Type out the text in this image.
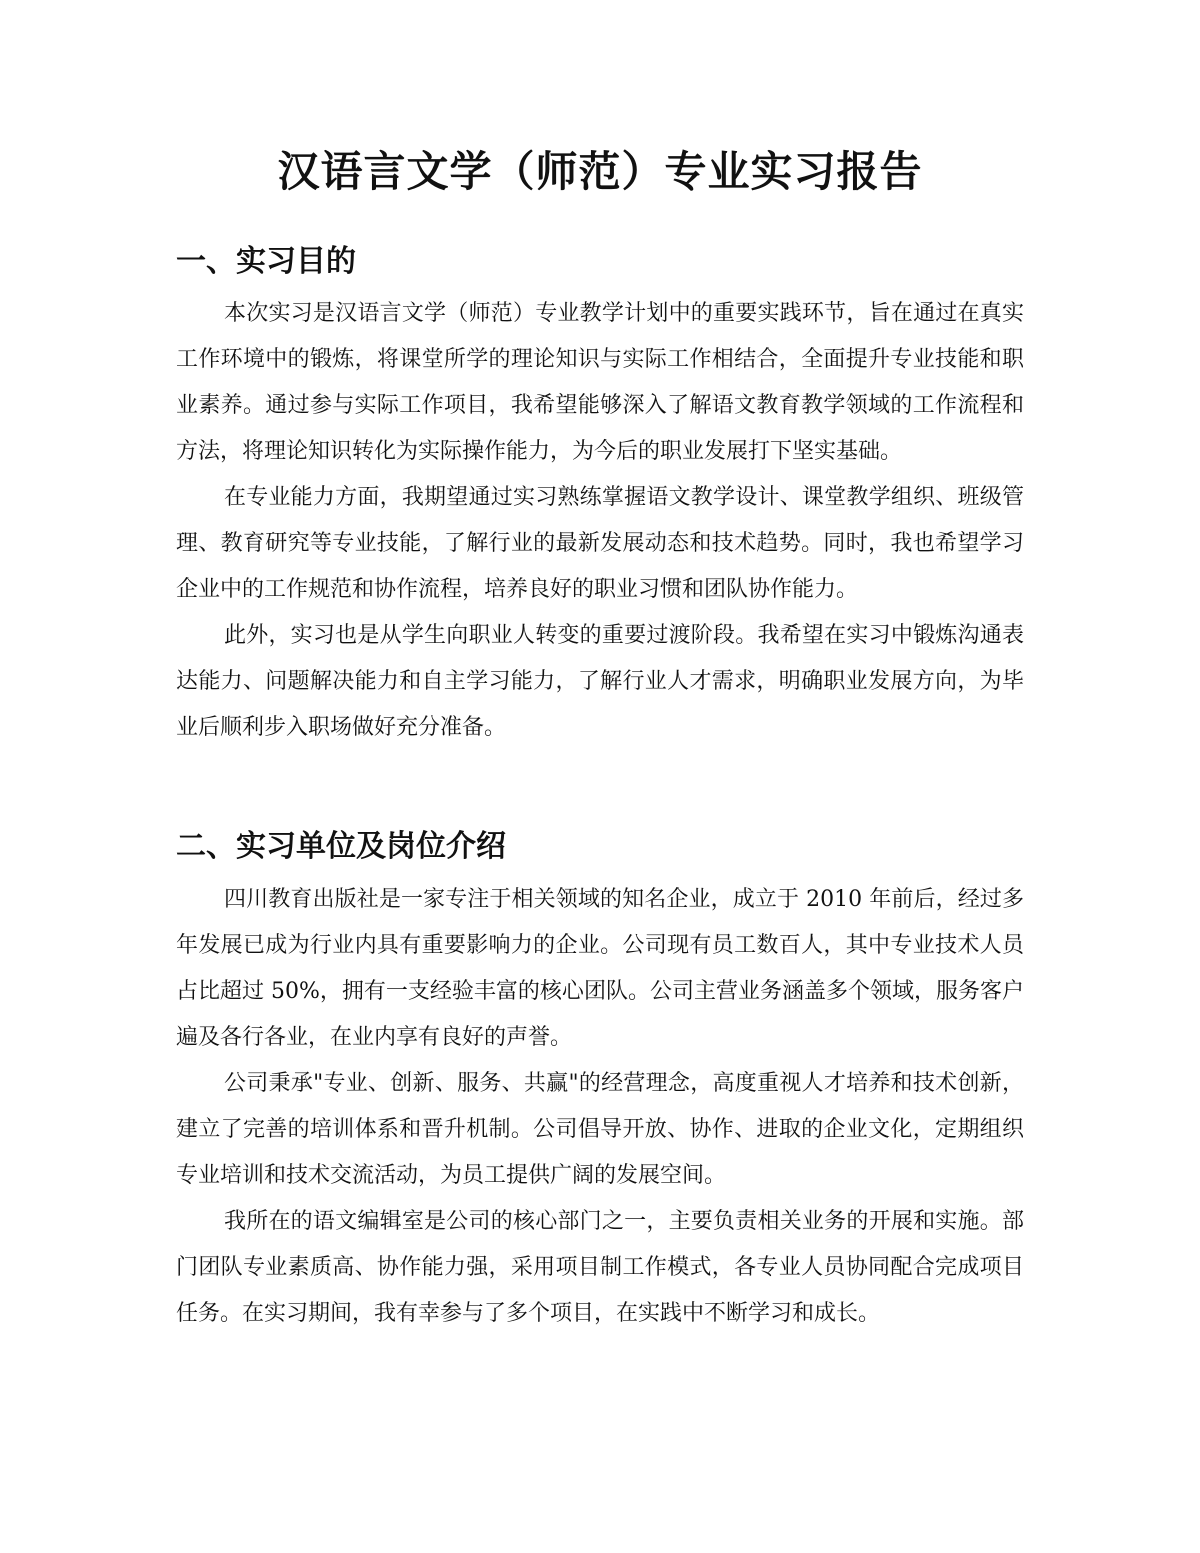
汉语言文学（师范）专业实习报告
一、实习目的

本次实习是汉语言文学（师范）专业教学计划中的重要实践环节，旨在通过在真实工作环境中的锻炼，将课堂所学的理论知识与实际工作相结合，全面提升专业技能和职业素养。通过参与实际工作项目，我希望能够深入了解语文教育教学领域的工作流程和方法，将理论知识转化为实际操作能力，为今后的职业发展打下坚实基础。

在专业能力方面，我期望通过实习熟练掌握语文教学设计、课堂教学组织、班级管理、教育研究等专业技能，了解行业的最新发展动态和技术趋势。同时，我也希望学习企业中的工作规范和协作流程，培养良好的职业习惯和团队协作能力。

此外，实习也是从学生向职业人转变的重要过渡阶段。我希望在实习中锻炼沟通表达能力、问题解决能力和自主学习能力，了解行业人才需求，明确职业发展方向，为毕业后顺利步入职场做好充分准备。

二、实习单位及岗位介绍

四川教育出版社是一家专注于相关领域的知名企业，成立于 2010 年前后，经过多年发展已成为行业内具有重要影响力的企业。公司现有员工数百人，其中专业技术人员占比超过 50%，拥有一支经验丰富的核心团队。公司主营业务涵盖多个领域，服务客户遍及各行各业，在业内享有良好的声誉。

公司秉承"专业、创新、服务、共赢"的经营理念，高度重视人才培养和技术创新，建立了完善的培训体系和晋升机制。公司倡导开放、协作、进取的企业文化，定期组织专业培训和技术交流活动，为员工提供广阔的发展空间。

我所在的语文编辑室是公司的核心部门之一，主要负责相关业务的开展和实施。部门团队专业素质高、协作能力强，采用项目制工作模式，各专业人员协同配合完成项目任务。在实习期间，我有幸参与了多个项目，在实践中不断学习和成长。
